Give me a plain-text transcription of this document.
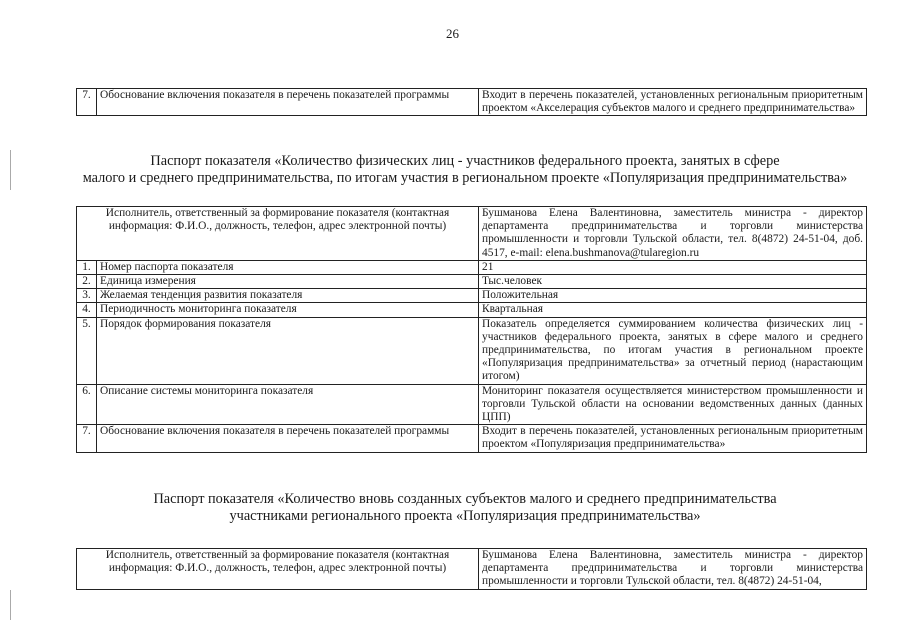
26
7.	Обоснование включения показателя в перечень показателей программы	Входит в перечень показателей, установленных региональным приоритетным проектом «Акселерация субъектов малого и среднего предпринимательства»
Паспорт показателя «Количество физических лиц - участников федерального проекта, занятых в сфере
малого и среднего предпринимательства, по итогам участия в региональном проекте «Популяризация предпринимательства»
Исполнитель, ответственный за формирование показателя (контактная информация: Ф.И.О., должность, телефон, адрес электронной почты)		Бушманова Елена Валентиновна, заместитель министра - директор департамента предпринимательства и торговли министерства промышленности и торговли Тульской области, тел. 8(4872) 24-51-04, доб. 4517, e-mail: elena.bushmanova@tularegion.ru
1.	Номер паспорта показателя	21
2.	Единица измерения	Тыс.человек
3.	Желаемая тенденция развития показателя	Положительная
4.	Периодичность мониторинга показателя	Квартальная
5.	Порядок формирования показателя	Показатель определяется суммированием количества физических лиц - участников федерального проекта, занятых в сфере малого и среднего предпринимательства, по итогам участия в региональном проекте «Популяризация предпринимательства» за отчетный период (нарастающим итогом)
6.	Описание системы мониторинга показателя	Мониторинг показателя осуществляется министерством промышленности и торговли Тульской области на основании ведомственных данных (данных ЦПП)
7.	Обоснование включения показателя в перечень показателей программы	Входит в перечень показателей, установленных региональным приоритетным проектом «Популяризация предпринимательства»
Паспорт показателя «Количество вновь созданных субъектов малого и среднего предпринимательства
участниками регионального проекта «Популяризация предпринимательства»
Исполнитель, ответственный за формирование показателя (контактная информация: Ф.И.О., должность, телефон, адрес электронной почты)	Бушманова Елена Валентиновна, заместитель министра - директор департамента предпринимательства и торговли министерства промышленности и торговли Тульской области, тел. 8(4872) 24-51-04,
